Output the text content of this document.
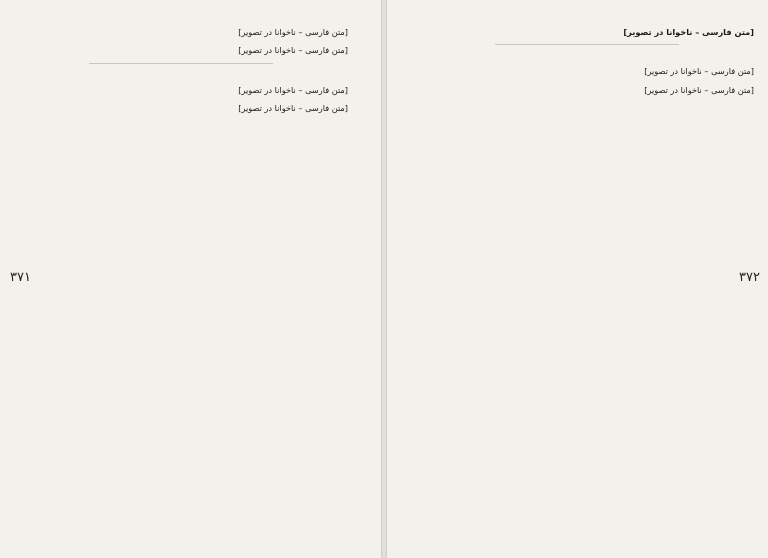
۳۷۱

[متن فارسی – ناخوانا در تصویر]

[متن فارسی – ناخوانا در تصویر]

[متن فارسی – ناخوانا در تصویر]

[متن فارسی – ناخوانا در تصویر]

۳۷۲

[متن فارسی – ناخوانا در تصویر]

[متن فارسی – ناخوانا در تصویر]

[متن فارسی – ناخوانا در تصویر]
